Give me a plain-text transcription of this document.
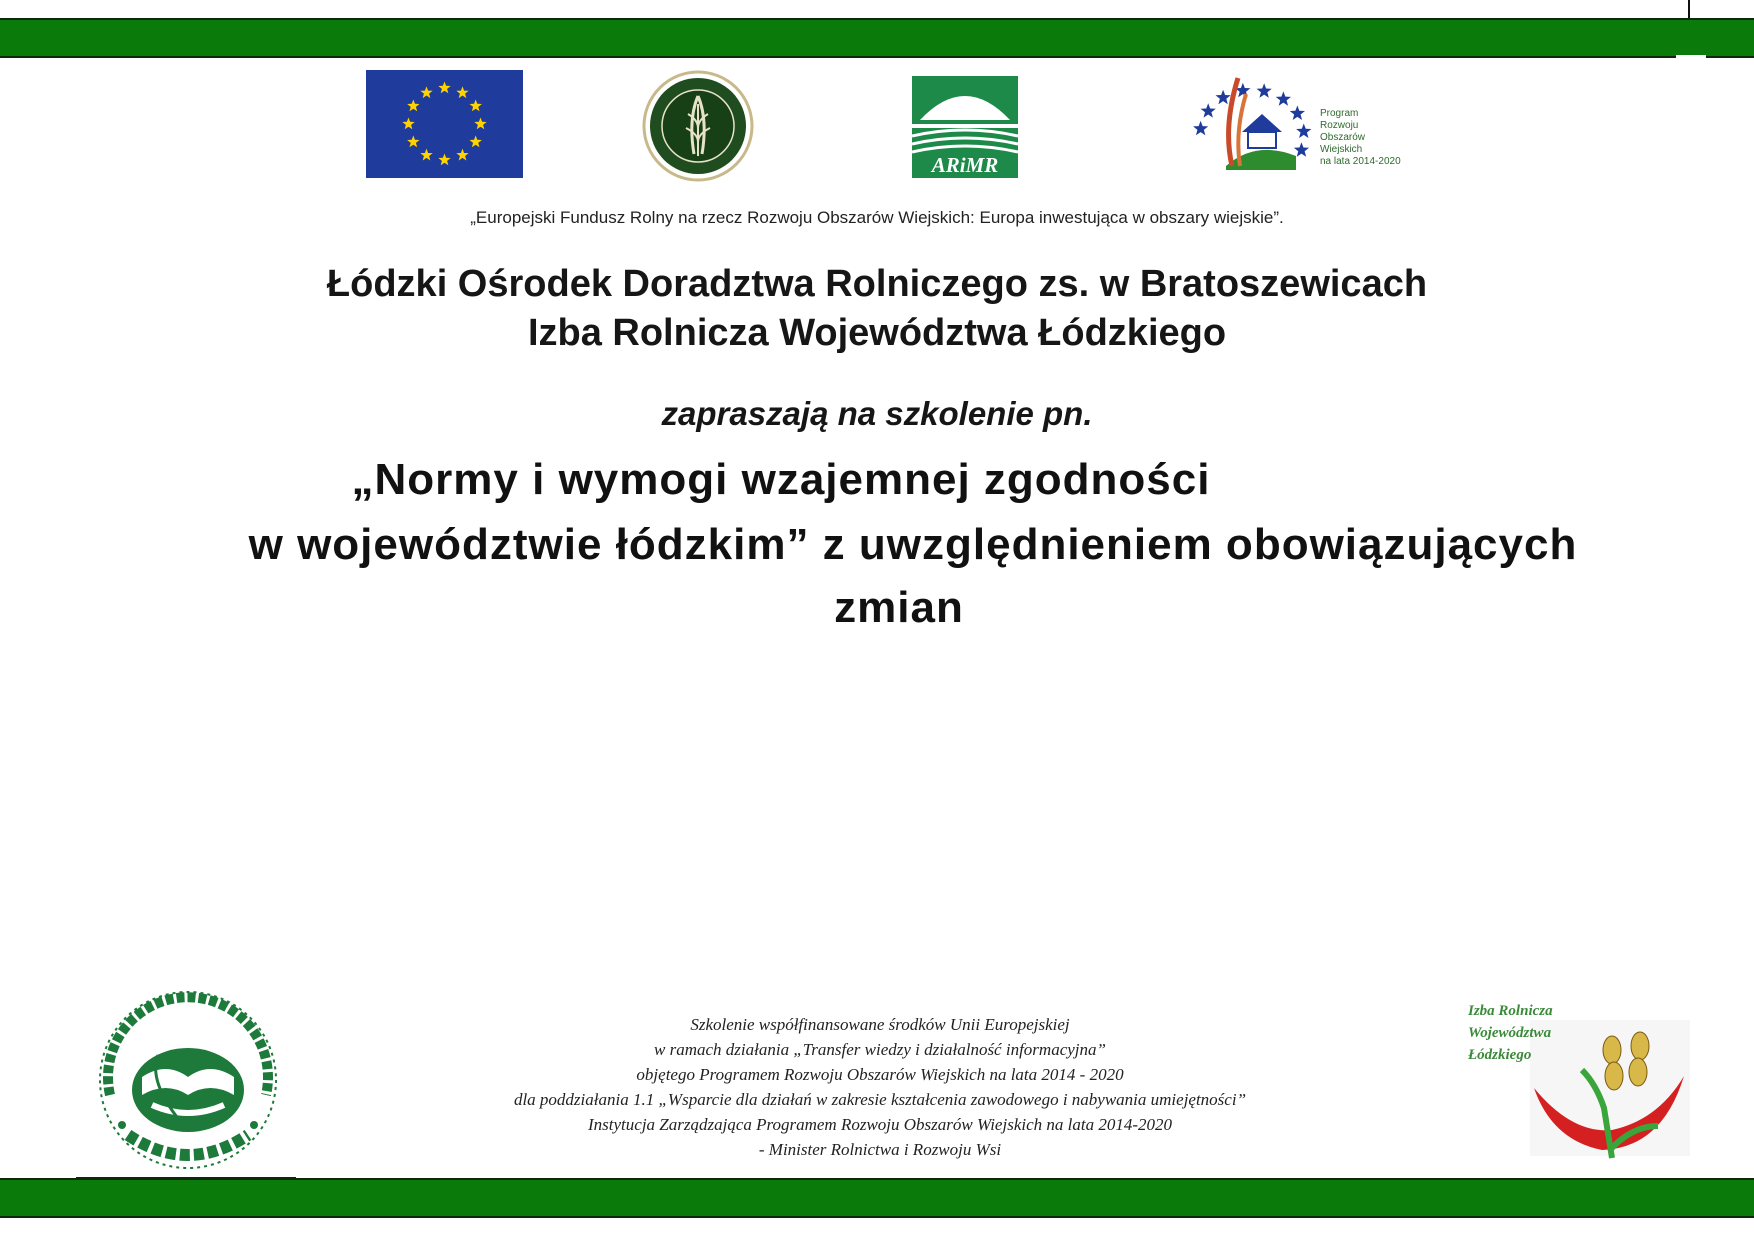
ARiMR
Program
Rozwoju
Obszarów
Wiejskich
na lata 2014-2020
„Europejski Fundusz Rolny na rzecz Rozwoju Obszarów Wiejskich: Europa inwestująca w obszary wiejskie”.
Łódzki Ośrodek Doradztwa Rolniczego zs. w Bratoszewicach
Izba Rolnicza Województwa Łódzkiego
zapraszają na szkolenie pn.
„Normy i wymogi wzajemnej zgodności
w województwie łódzkim” z uwzględnieniem obowiązujących
zmian
Szkolenie współfinansowane środków Unii Europejskiej
w ramach działania „Transfer wiedzy i działalność informacyjna”
objętego Programem Rozwoju Obszarów Wiejskich na lata 2014 - 2020
dla poddziałania 1.1 „Wsparcie dla działań w zakresie kształcenia zawodowego i nabywania umiejętności”
Instytucja Zarządzająca Programem Rozwoju Obszarów Wiejskich na lata 2014-2020
- Minister Rolnictwa i Rozwoju Wsi
Izba Rolnicza
Województwa
Łódzkiego
